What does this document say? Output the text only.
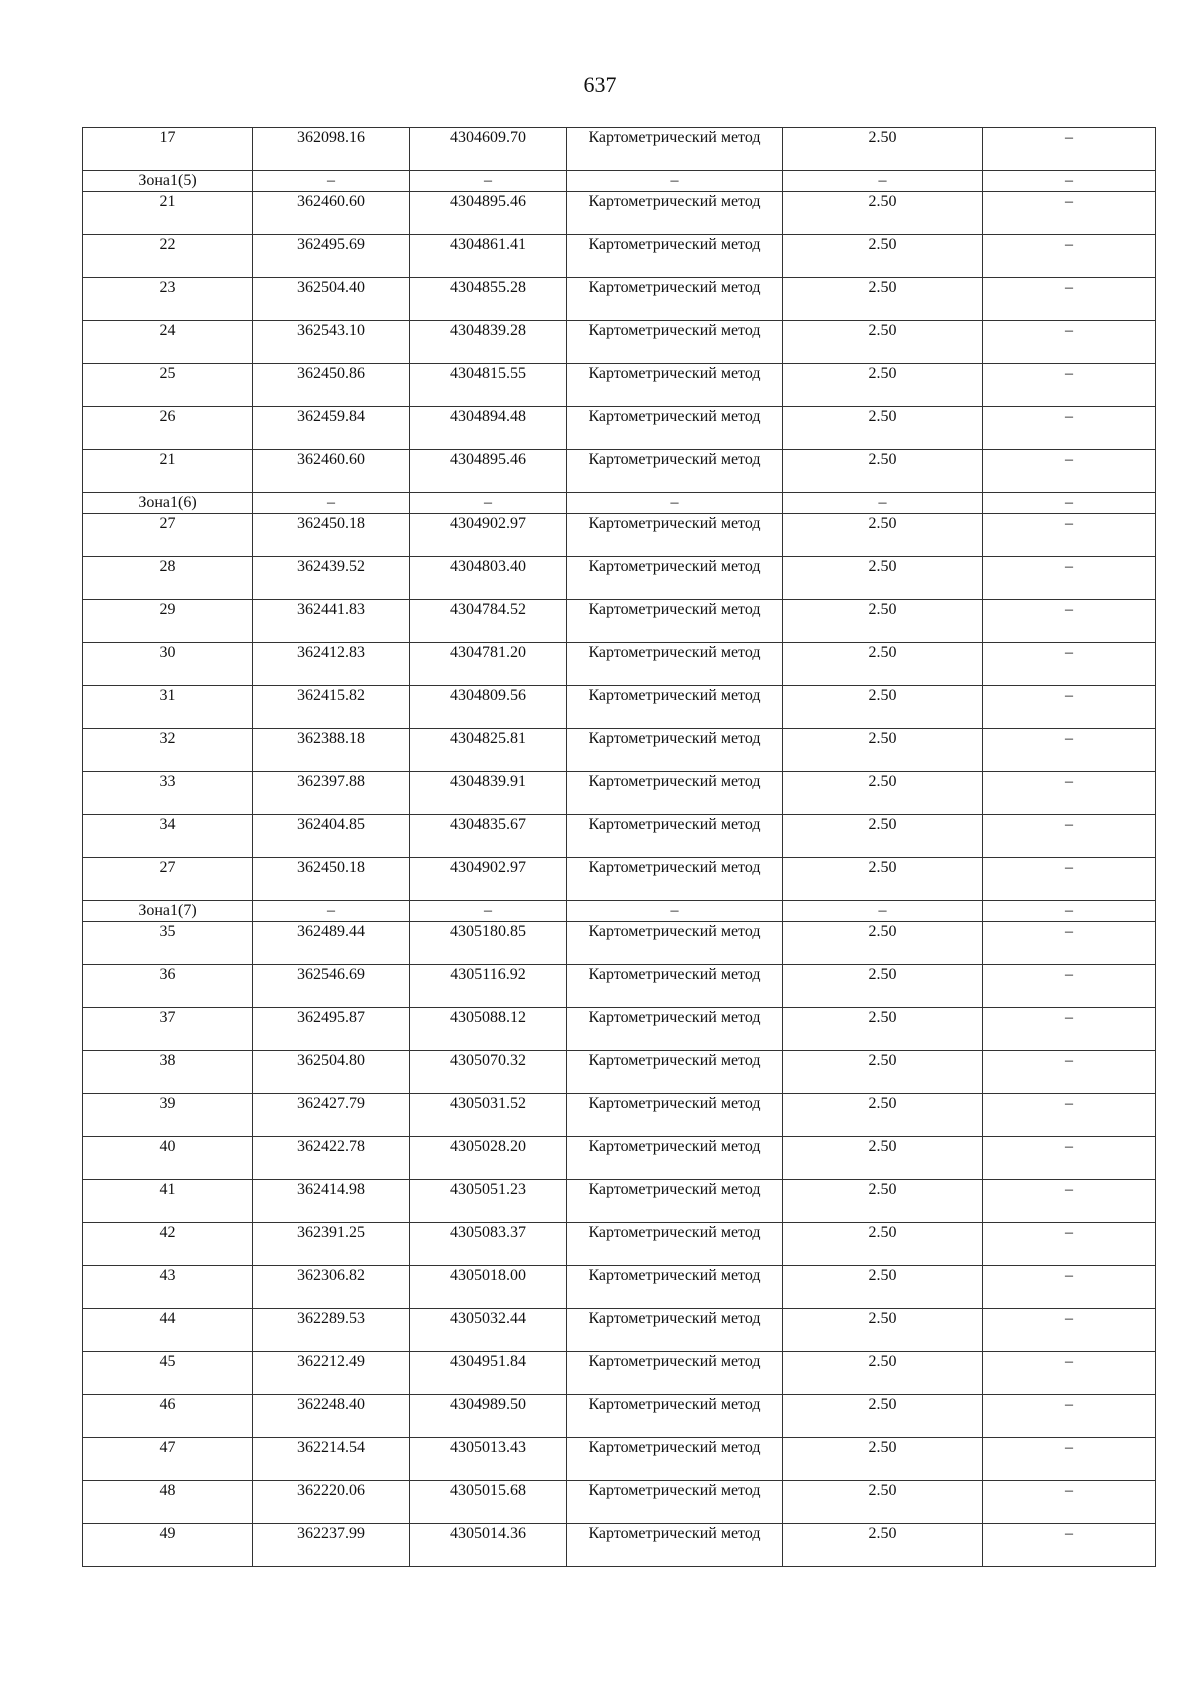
637
17	362098.16	4304609.70	Картометрический метод	2.50	–
Зона1(5)	–	–	–	–	–
21	362460.60	4304895.46	Картометрический метод	2.50	–
22	362495.69	4304861.41	Картометрический метод	2.50	–
23	362504.40	4304855.28	Картометрический метод	2.50	–
24	362543.10	4304839.28	Картометрический метод	2.50	–
25	362450.86	4304815.55	Картометрический метод	2.50	–
26	362459.84	4304894.48	Картометрический метод	2.50	–
21	362460.60	4304895.46	Картометрический метод	2.50	–
Зона1(6)	–	–	–	–	–
27	362450.18	4304902.97	Картометрический метод	2.50	–
28	362439.52	4304803.40	Картометрический метод	2.50	–
29	362441.83	4304784.52	Картометрический метод	2.50	–
30	362412.83	4304781.20	Картометрический метод	2.50	–
31	362415.82	4304809.56	Картометрический метод	2.50	–
32	362388.18	4304825.81	Картометрический метод	2.50	–
33	362397.88	4304839.91	Картометрический метод	2.50	–
34	362404.85	4304835.67	Картометрический метод	2.50	–
27	362450.18	4304902.97	Картометрический метод	2.50	–
Зона1(7)	–	–	–	–	–
35	362489.44	4305180.85	Картометрический метод	2.50	–
36	362546.69	4305116.92	Картометрический метод	2.50	–
37	362495.87	4305088.12	Картометрический метод	2.50	–
38	362504.80	4305070.32	Картометрический метод	2.50	–
39	362427.79	4305031.52	Картометрический метод	2.50	–
40	362422.78	4305028.20	Картометрический метод	2.50	–
41	362414.98	4305051.23	Картометрический метод	2.50	–
42	362391.25	4305083.37	Картометрический метод	2.50	–
43	362306.82	4305018.00	Картометрический метод	2.50	–
44	362289.53	4305032.44	Картометрический метод	2.50	–
45	362212.49	4304951.84	Картометрический метод	2.50	–
46	362248.40	4304989.50	Картометрический метод	2.50	–
47	362214.54	4305013.43	Картометрический метод	2.50	–
48	362220.06	4305015.68	Картометрический метод	2.50	–
49	362237.99	4305014.36	Картометрический метод	2.50	–
